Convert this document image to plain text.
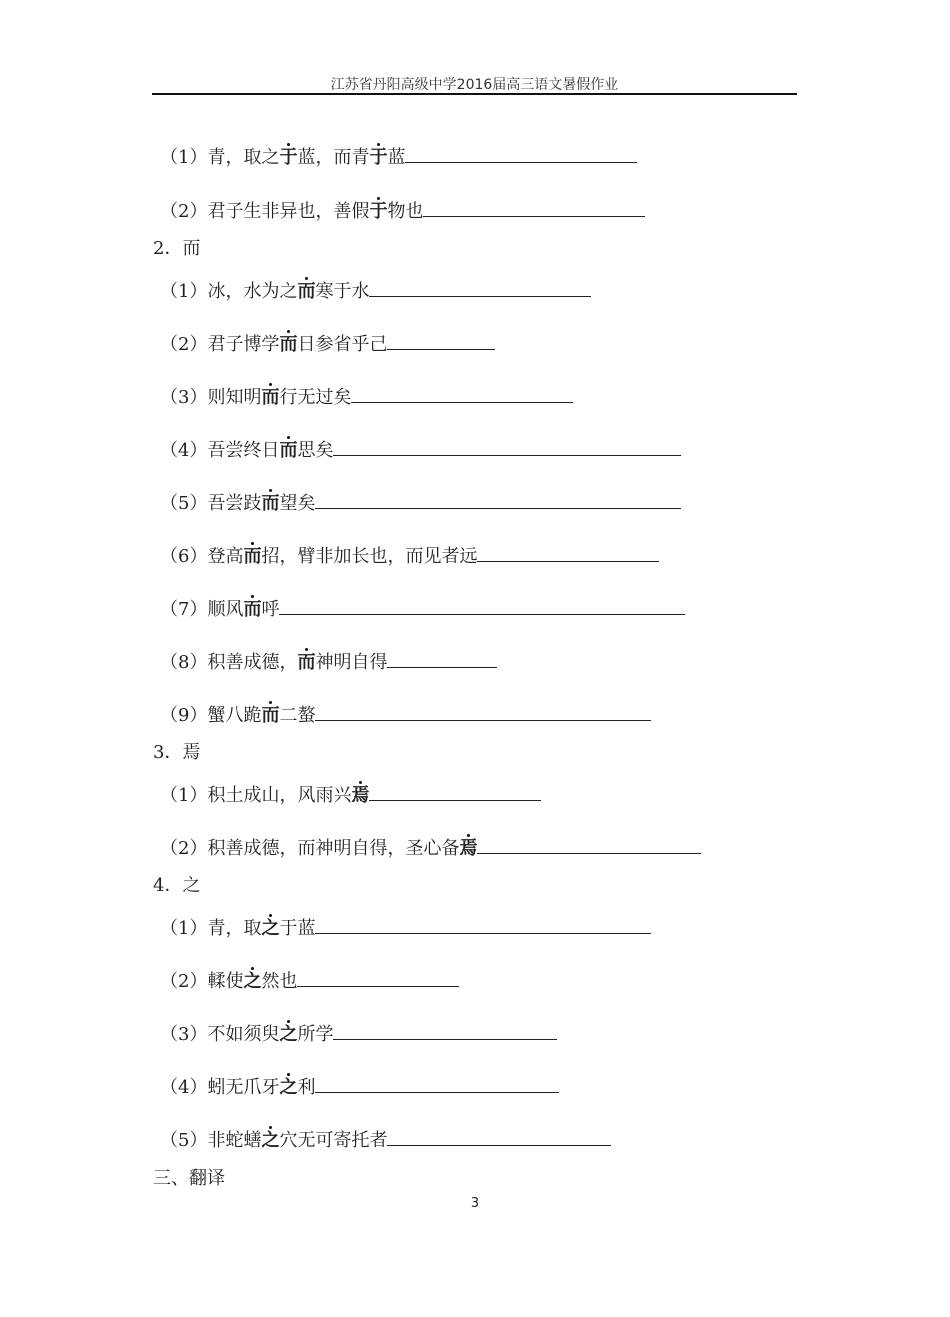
江苏省丹阳高级中学2016届高三语文暑假作业
（1）青，取之于蓝，而青于蓝
（2）君子生非异也，善假于物也
2．而
（1）冰，水为之而寒于水
（2）君子博学而日参省乎己
（3）则知明而行无过矣
（4）吾尝终日而思矣
（5）吾尝跂而望矣
（6）登高而招，臂非加长也，而见者远
（7）顺风而呼
（8）积善成德，而神明自得
（9）蟹八跪而二螯
3．焉
（1）积土成山，风雨兴焉
（2）积善成德，而神明自得，圣心备焉
4．之
（1）青，取之于蓝
（2）輮使之然也
（3）不如须臾之所学
（4）蚓无爪牙之利
（5）非蛇蟮之穴无可寄托者
三、翻译
3
